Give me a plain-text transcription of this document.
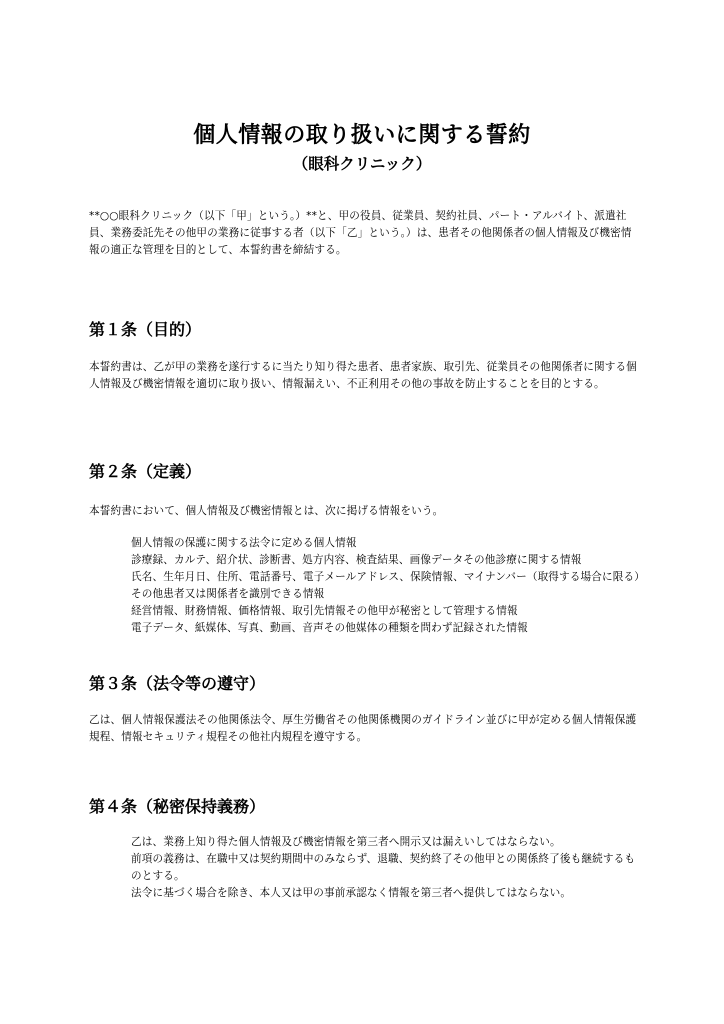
個人情報の取り扱いに関する誓約
（眼科クリニック）

**○○眼科クリニック（以下「甲」という。）**と、甲の役員、従業員、契約社員、パート・アルバイト、派遣社員、業務委託先その他甲の業務に従事する者（以下「乙」という。）は、患者その他関係者の個人情報及び機密情報の適正な管理を目的として、本誓約書を締結する。

第１条（目的）

本誓約書は、乙が甲の業務を遂行するに当たり知り得た患者、患者家族、取引先、従業員その他関係者に関する個人情報及び機密情報を適切に取り扱い、情報漏えい、不正利用その他の事故を防止することを目的とする。

第２条（定義）

本誓約書において、個人情報及び機密情報とは、次に掲げる情報をいう。

個人情報の保護に関する法令に定める個人情報
診療録、カルテ、紹介状、診断書、処方内容、検査結果、画像データその他診療に関する情報
氏名、生年月日、住所、電話番号、電子メールアドレス、保険情報、マイナンバー（取得する場合に限る）その他患者又は関係者を識別できる情報
経営情報、財務情報、価格情報、取引先情報その他甲が秘密として管理する情報
電子データ、紙媒体、写真、動画、音声その他媒体の種類を問わず記録された情報
第３条（法令等の遵守）

乙は、個人情報保護法その他関係法令、厚生労働省その他関係機関のガイドライン並びに甲が定める個人情報保護規程、情報セキュリティ規程その他社内規程を遵守する。

第４条（秘密保持義務）
乙は、業務上知り得た個人情報及び機密情報を第三者へ開示又は漏えいしてはならない。
前項の義務は、在職中又は契約期間中のみならず、退職、契約終了その他甲との関係終了後も継続するものとする。
法令に基づく場合を除き、本人又は甲の事前承認なく情報を第三者へ提供してはならない。
